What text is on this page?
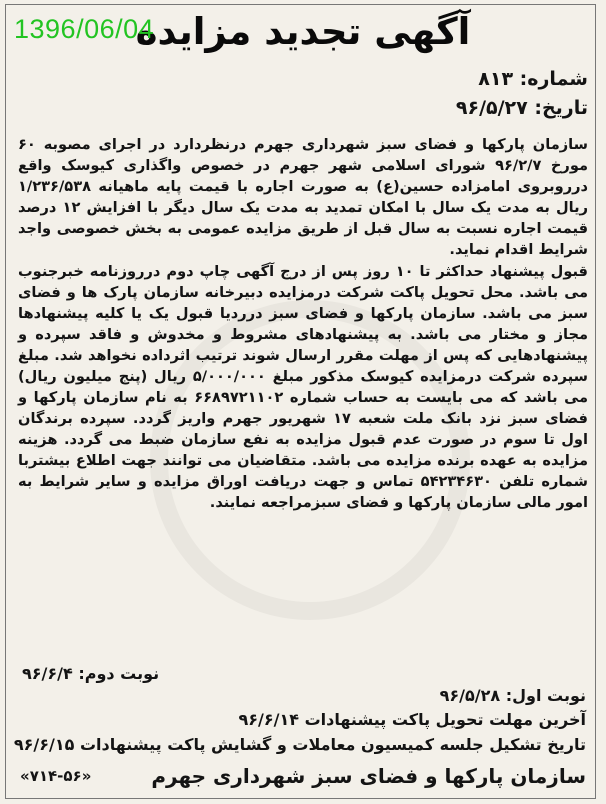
1396/06/04
آگهی تجدید مزایده
شماره: ۸۱۳
تاریخ: ۹۶/۵/۲۷

سازمان پارکها و فضای سبز شهرداری جهرم درنظردارد در اجرای مصوبه ۶۰ مورخ ۹۶/۲/۷ شورای اسلامی شهر جهرم در خصوص واگذاری کیوسک واقع درروبروی امامزاده حسین(ع) به صورت اجاره با قیمت پایه ماهیانه ۱/۲۳۶/۵۳۸ ریال به مدت یک سال با امکان تمدید به مدت یک سال دیگر با افزایش ۱۲ درصد قیمت اجاره نسبت به سال قبل از طریق مزایده عمومی به بخش خصوصی واجد شرایط اقدام نماید.

قبول پیشنهاد حداکثر تا ۱۰ روز پس از درج آگهی چاپ دوم درروزنامه خبرجنوب می باشد. محل تحویل پاکت شرکت درمزایده دبیرخانه سازمان پارک ها و فضای سبز می باشد. سازمان پارکها و فضای سبز درردیا قبول یک یا کلیه پیشنهادها مجاز و مختار می باشد. به پیشنهادهای مشروط و مخدوش و فاقد سپرده و پیشنهادهایی که پس از مهلت مقرر ارسال شوند ترتیب اثرداده نخواهد شد. مبلغ سپرده شرکت درمزایده کیوسک مذکور مبلغ ۵/۰۰۰/۰۰۰ ریال (پنج میلیون ریال) می باشد که می بایست به حساب شماره ۶۶۸۹۷۲۱۱۰۲ به نام سازمان پارکها و فضای سبز نزد بانک ملت شعبه ۱۷ شهریور جهرم واریز گردد. سپرده برندگان اول تا سوم در صورت عدم قبول مزایده به نفع سازمان ضبط می گردد. هزینه مزایده به عهده برنده مزایده می باشد. متقاضیان می توانند جهت اطلاع بیشتربا شماره تلفن ۵۴۲۳۴۶۳۰ تماس و جهت دریافت اوراق مزایده و سایر شرایط به امور مالی سازمان پارکها و فضای سبزمراجعه نمایند.

نوبت اول: ۹۶/۵/۲۸
نوبت دوم: ۹۶/۶/۴
آخرین مهلت تحویل پاکت پیشنهادات ۹۶/۶/۱۴
تاریخ تشکیل جلسه کمیسیون معاملات و گشایش پاکت پیشنهادات ۹۶/۶/۱۵
سازمان پارکها و فضای سبز شهرداری جهرم
«۷۱۴-۵۶»
